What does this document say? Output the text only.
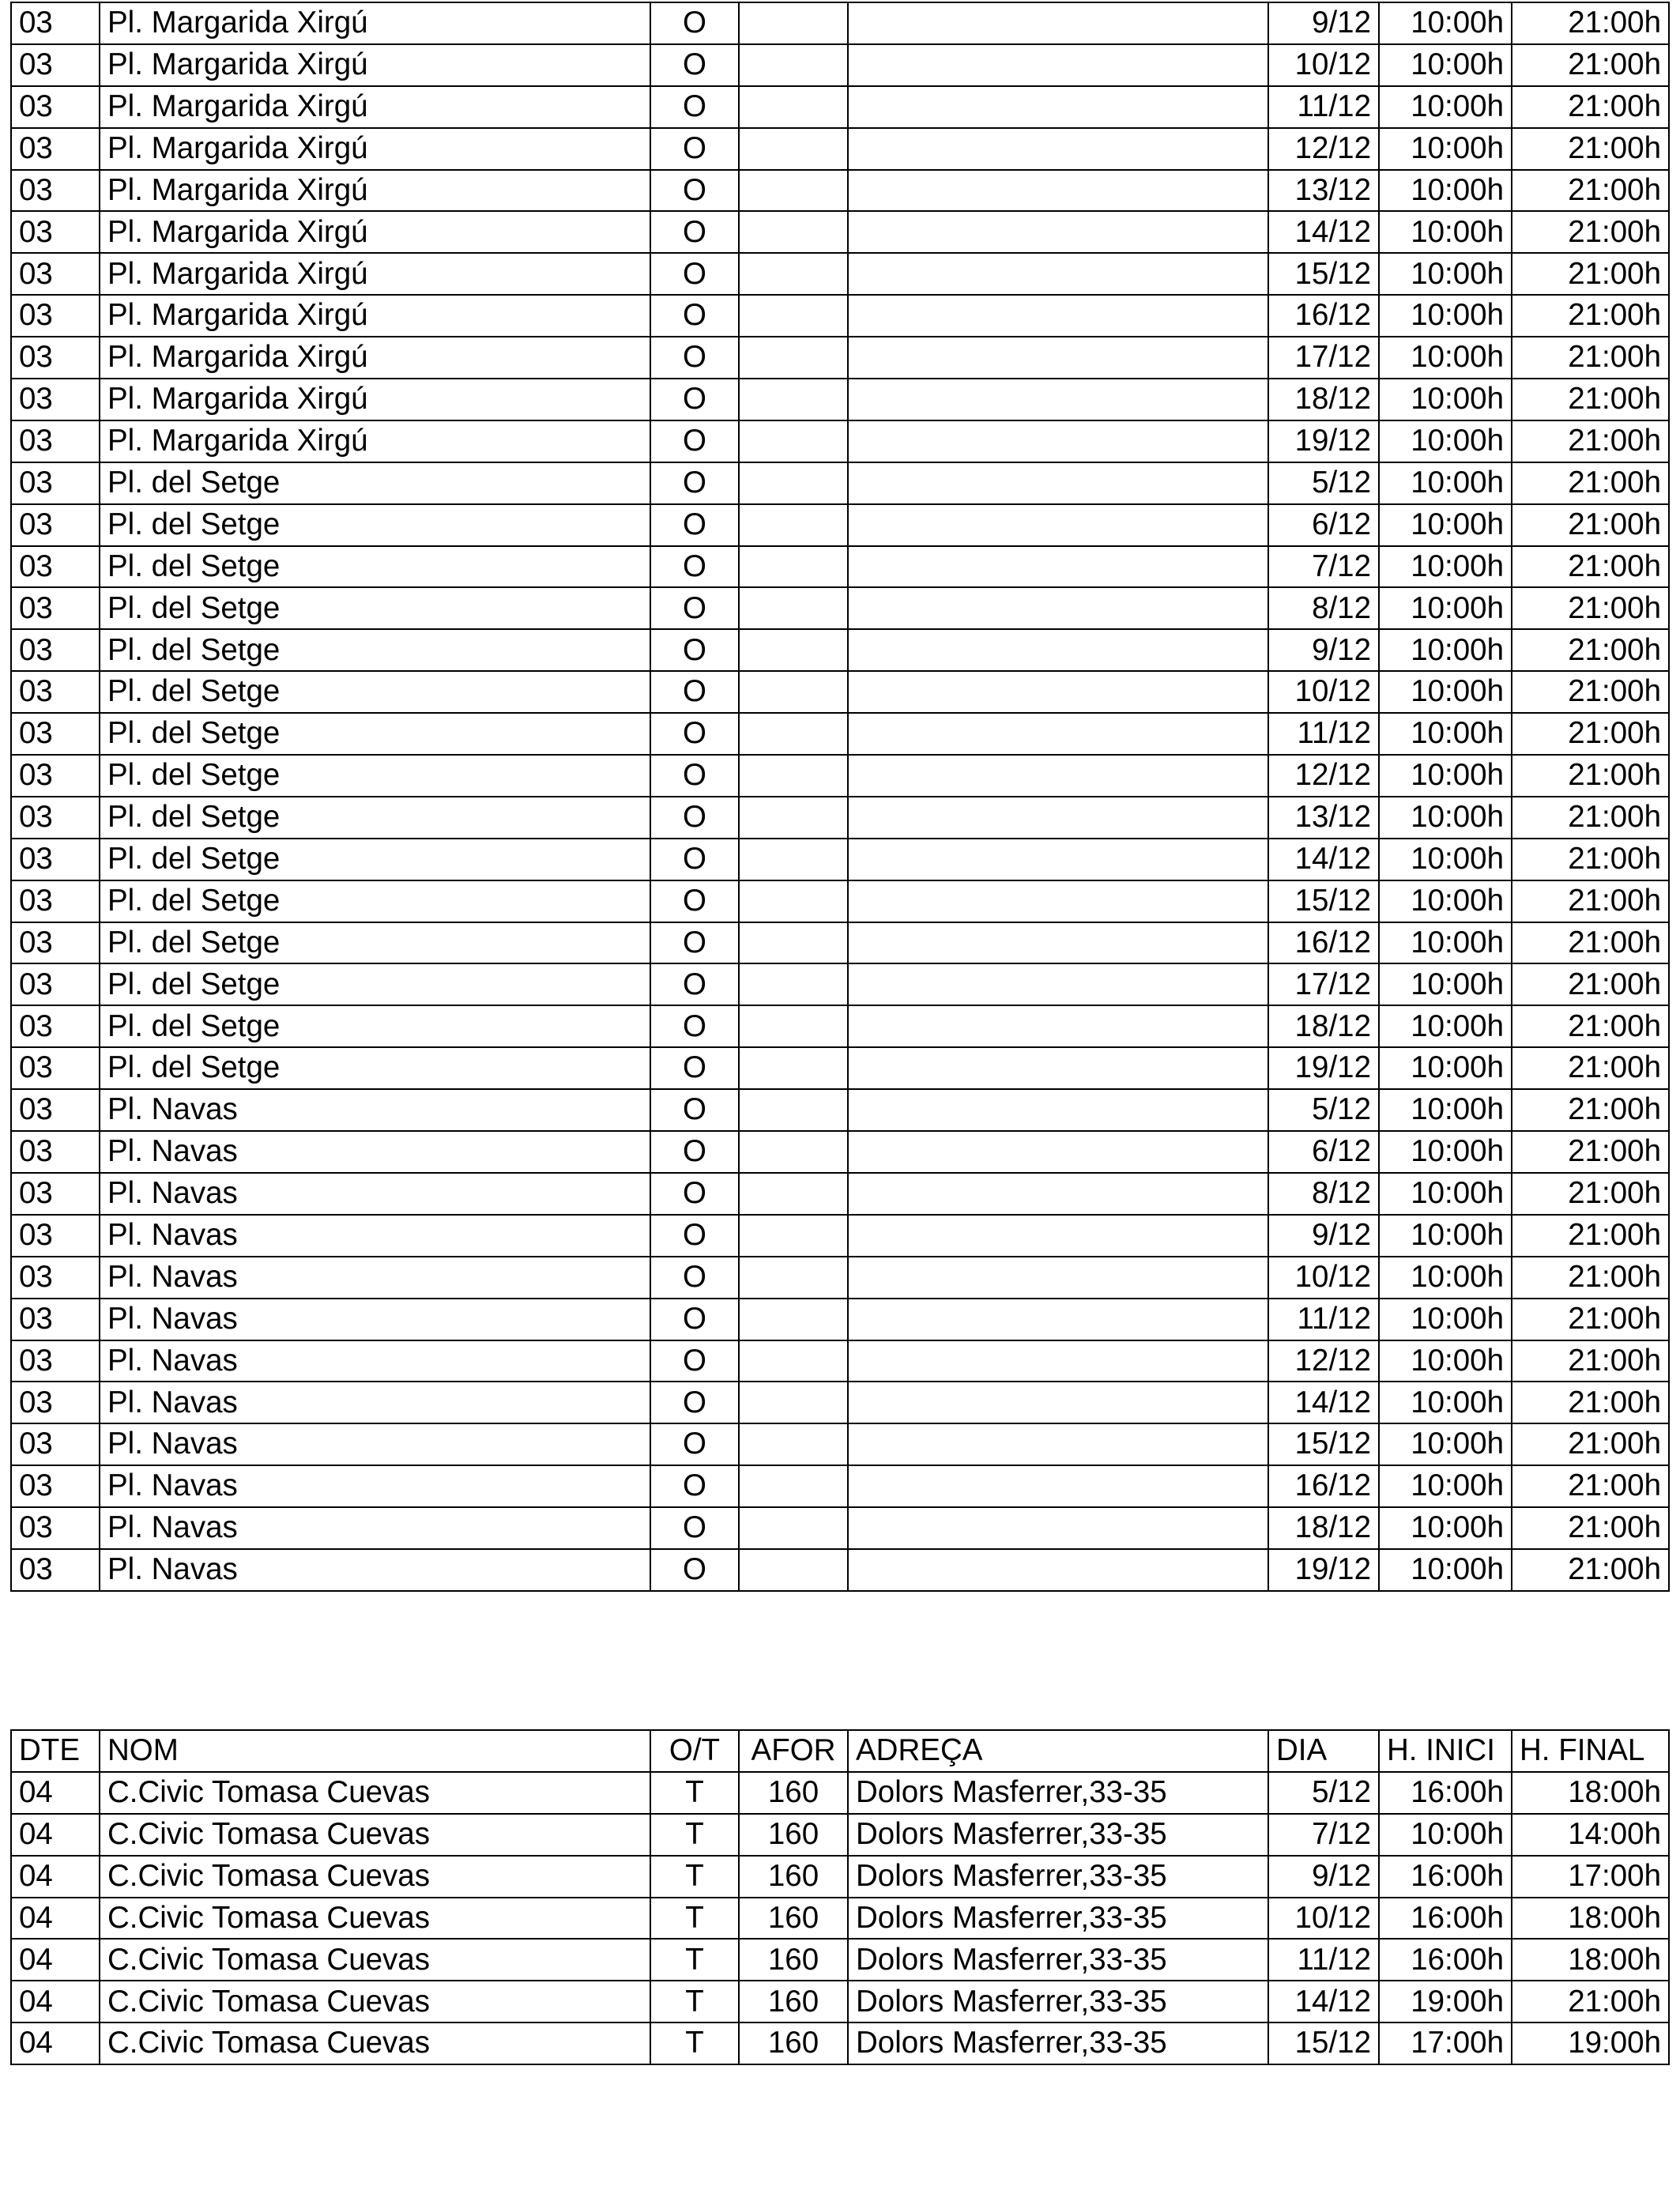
03	Pl. Margarida Xirgú	O			9/12	10:00h	21:00h
03	Pl. Margarida Xirgú	O			10/12	10:00h	21:00h
03	Pl. Margarida Xirgú	O			11/12	10:00h	21:00h
03	Pl. Margarida Xirgú	O			12/12	10:00h	21:00h
03	Pl. Margarida Xirgú	O			13/12	10:00h	21:00h
03	Pl. Margarida Xirgú	O			14/12	10:00h	21:00h
03	Pl. Margarida Xirgú	O			15/12	10:00h	21:00h
03	Pl. Margarida Xirgú	O			16/12	10:00h	21:00h
03	Pl. Margarida Xirgú	O			17/12	10:00h	21:00h
03	Pl. Margarida Xirgú	O			18/12	10:00h	21:00h
03	Pl. Margarida Xirgú	O			19/12	10:00h	21:00h
03	Pl. del Setge	O			5/12	10:00h	21:00h
03	Pl. del Setge	O			6/12	10:00h	21:00h
03	Pl. del Setge	O			7/12	10:00h	21:00h
03	Pl. del Setge	O			8/12	10:00h	21:00h
03	Pl. del Setge	O			9/12	10:00h	21:00h
03	Pl. del Setge	O			10/12	10:00h	21:00h
03	Pl. del Setge	O			11/12	10:00h	21:00h
03	Pl. del Setge	O			12/12	10:00h	21:00h
03	Pl. del Setge	O			13/12	10:00h	21:00h
03	Pl. del Setge	O			14/12	10:00h	21:00h
03	Pl. del Setge	O			15/12	10:00h	21:00h
03	Pl. del Setge	O			16/12	10:00h	21:00h
03	Pl. del Setge	O			17/12	10:00h	21:00h
03	Pl. del Setge	O			18/12	10:00h	21:00h
03	Pl. del Setge	O			19/12	10:00h	21:00h
03	Pl. Navas	O			5/12	10:00h	21:00h
03	Pl. Navas	O			6/12	10:00h	21:00h
03	Pl. Navas	O			8/12	10:00h	21:00h
03	Pl. Navas	O			9/12	10:00h	21:00h
03	Pl. Navas	O			10/12	10:00h	21:00h
03	Pl. Navas	O			11/12	10:00h	21:00h
03	Pl. Navas	O			12/12	10:00h	21:00h
03	Pl. Navas	O			14/12	10:00h	21:00h
03	Pl. Navas	O			15/12	10:00h	21:00h
03	Pl. Navas	O			16/12	10:00h	21:00h
03	Pl. Navas	O			18/12	10:00h	21:00h
03	Pl. Navas	O			19/12	10:00h	21:00h
DTE	NOM	O/T	AFOR	ADREÇA	DIA	H. INICI	H. FINAL
04	C.Civic Tomasa Cuevas	T	160	Dolors Masferrer,33-35	5/12	16:00h	18:00h
04	C.Civic Tomasa Cuevas	T	160	Dolors Masferrer,33-35	7/12	10:00h	14:00h
04	C.Civic Tomasa Cuevas	T	160	Dolors Masferrer,33-35	9/12	16:00h	17:00h
04	C.Civic Tomasa Cuevas	T	160	Dolors Masferrer,33-35	10/12	16:00h	18:00h
04	C.Civic Tomasa Cuevas	T	160	Dolors Masferrer,33-35	11/12	16:00h	18:00h
04	C.Civic Tomasa Cuevas	T	160	Dolors Masferrer,33-35	14/12	19:00h	21:00h
04	C.Civic Tomasa Cuevas	T	160	Dolors Masferrer,33-35	15/12	17:00h	19:00h
